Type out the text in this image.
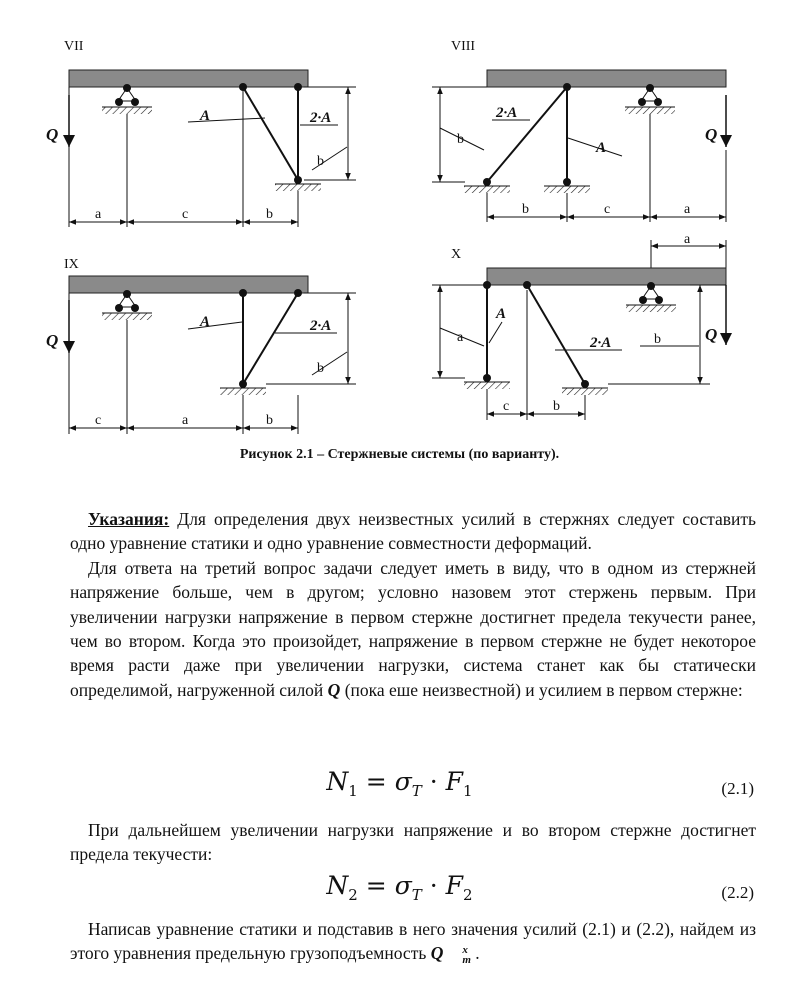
VII
A	2·A
Q
b
a	c	b
VIII
2·A
A
Q
b
b	c	a
IX
A	2·A
Q
b
c	a	b
X
a
A
2·A	Q
a	b
c	b
Рисунок 2.1 – Стержневые системы (по варианту).
Указания: Для определения двух неизвестных усилий в стержнях следует составить одно уравнение статики и одно уравнение совместности деформаций.
Для ответа на третий вопрос задачи следует иметь в виду, что в одном из стержней напряжение больше, чем в другом; условно назовем этот стержень первым. При увеличении нагрузки напряжение в первом стержне достигнет предела текучести ранее, чем во втором. Когда это произойдет, напряжение в первом стержне не будет некоторое время расти даже при увеличении нагрузки, система станет как бы статически определимой, нагруженной силой Q (пока еше неизвестной) и усилием в первом стержне:
$N_1 = \sigma_T \cdot F_1$	(2.1)
При дальнейшем увеличении нагрузки напряжение и во втором стержне достигнет предела текучести:
$N_2 = \sigma_T \cdot F_2$	(2.2)
Написав уравнение статики и подставив в него значения усилий (2.1) и (2.2), найдем из этого уравнения предельную грузоподъемность Q	x
m .
